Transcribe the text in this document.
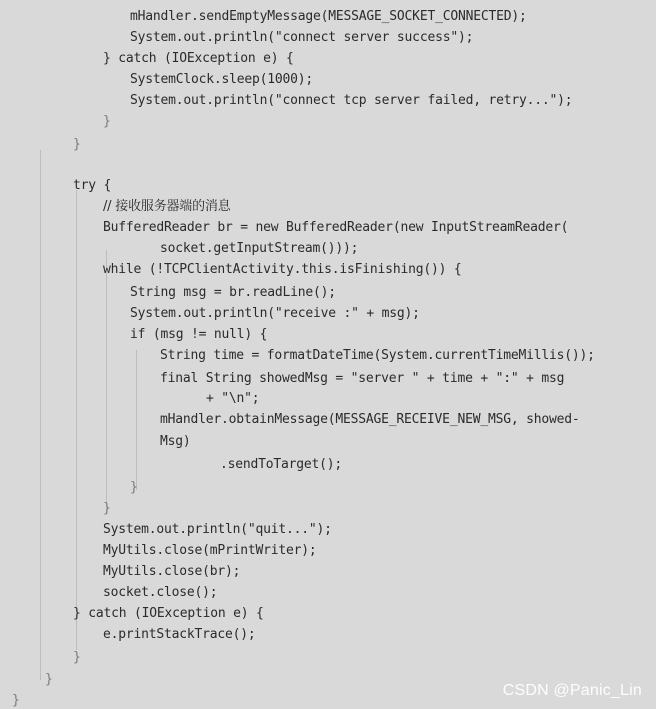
mHandler.sendEmptyMessage(MESSAGE_SOCKET_CONNECTED);
System.out.println("connect server success");
} catch (IOException e) {
SystemClock.sleep(1000);
System.out.println("connect tcp server failed, retry...");
}
}
try {
// 接收服务器端的消息
BufferedReader br = new BufferedReader(new InputStreamReader(
socket.getInputStream()));
while (!TCPClientActivity.this.isFinishing()) {
String msg = br.readLine();
System.out.println("receive :" + msg);
if (msg != null) {
String time = formatDateTime(System.currentTimeMillis());
final String showedMsg = "server " + time + ":" + msg
+ "\n";
mHandler.obtainMessage(MESSAGE_RECEIVE_NEW_MSG, showed-
Msg)
.sendToTarget();
}
}
System.out.println("quit...");
MyUtils.close(mPrintWriter);
MyUtils.close(br);
socket.close();
} catch (IOException e) {
e.printStackTrace();
}
}
}
CSDN @Panic_Lin
